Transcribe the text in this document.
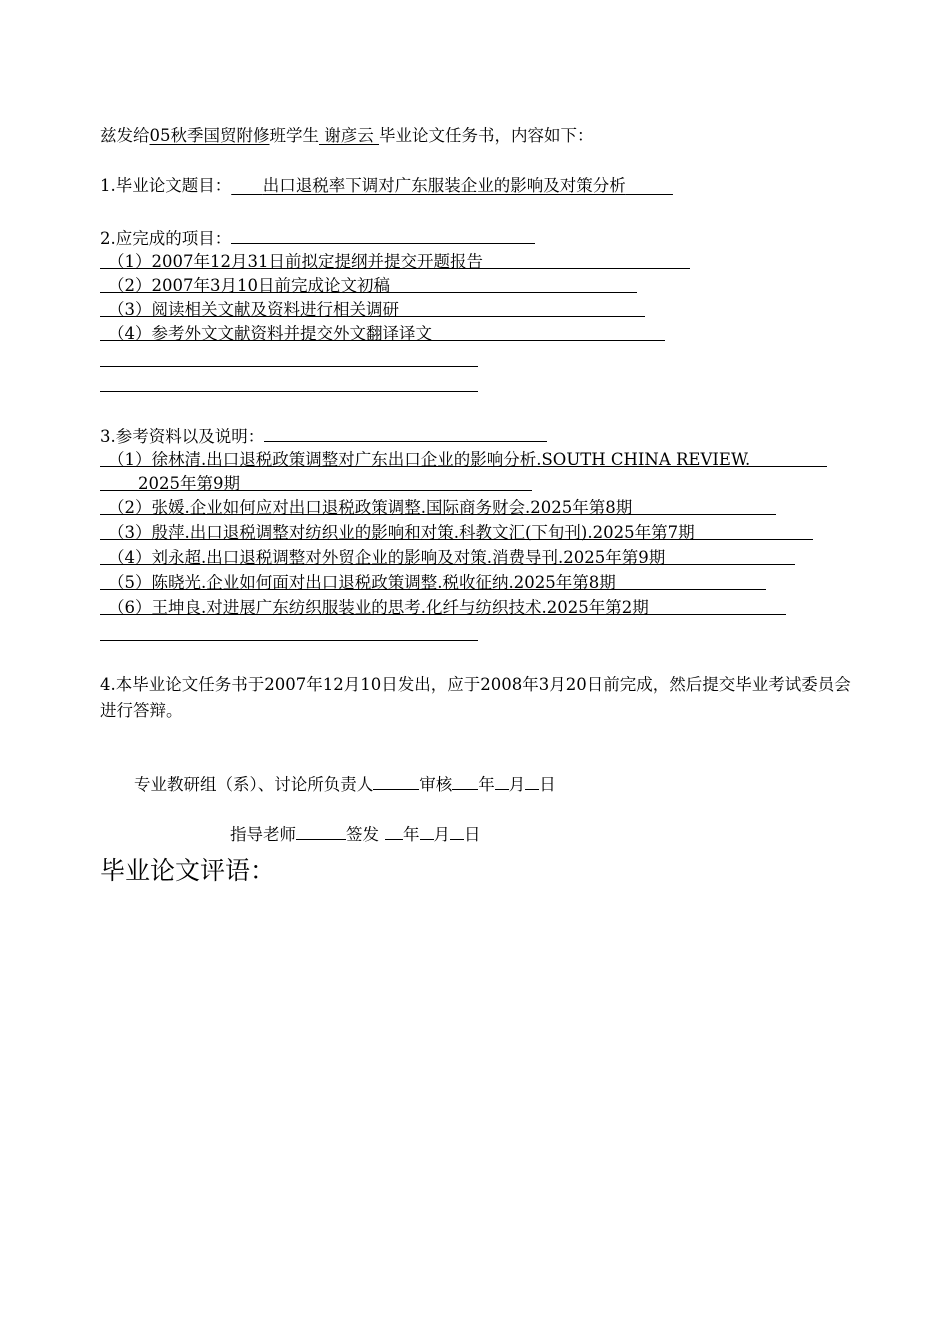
兹发给05秋季国贸附修班学生 谢彦云 毕业论文任务书，内容如下：
1.毕业论文题目： 出口退税率下调对广东服装企业的影响及对策分析
2.应完成的项目：
（1）2007年12月31日前拟定提纲并提交开题报告
（2）2007年3月10日前完成论文初稿
（3）阅读相关文献及资料进行相关调研
（4）参考外文文献资料并提交外文翻译译文
3.参考资料以及说明：
（1）徐林清.出口退税政策调整对广东出口企业的影响分析.SOUTH CHINA REVIEW.
2025年第9期
（2）张媛.企业如何应对出口退税政策调整.国际商务财会.2025年第8期
（3）殷萍.出口退税调整对纺织业的影响和对策.科教文汇(下旬刊).2025年第7期
（4）刘永超.出口退税调整对外贸企业的影响及对策.消费导刊.2025年第9期
（5）陈晓光.企业如何面对出口退税政策调整.税收征纳.2025年第8期
（6）王坤良.对进展广东纺织服装业的思考.化纤与纺织技术.2025年第2期
4.本毕业论文任务书于2007年12月10日发出，应于2008年3月20日前完成，然后提交毕业考试委员会进行答辩。
专业教研组（系）、讨论所负责人	审核 年 月 日
指导老师	签发 年 月 日
毕业论文评语：
